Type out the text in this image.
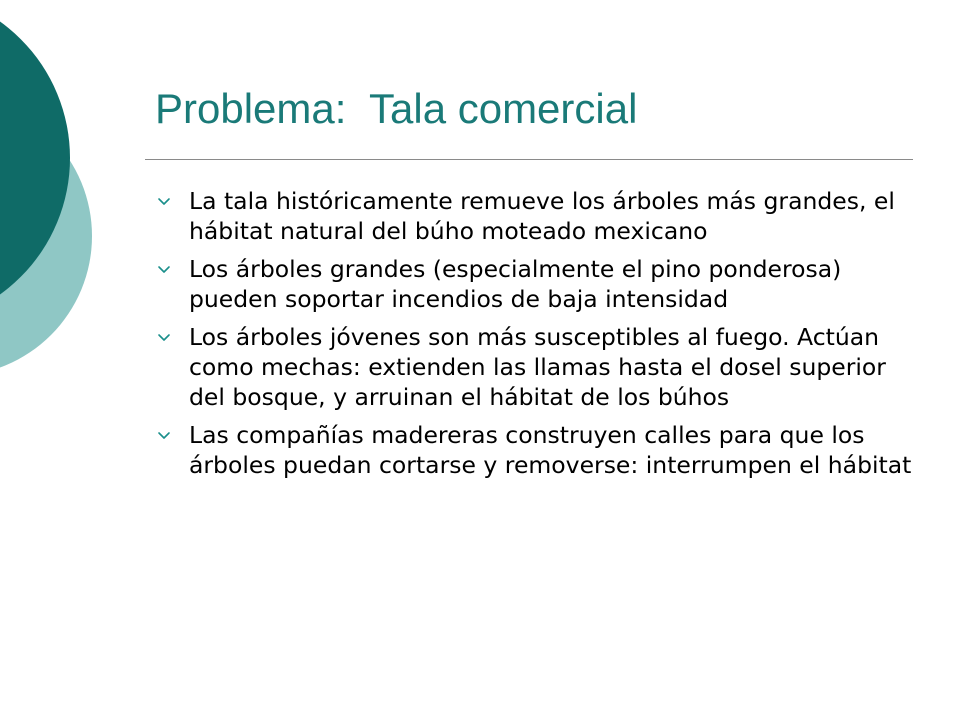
Problema:  Tala comercial
La tala históricamente remueve los árboles más grandes, el hábitat natural del búho moteado mexicano
Los árboles grandes (especialmente el pino ponderosa) pueden soportar incendios de baja intensidad
Los árboles jóvenes son más susceptibles al fuego. Actúan como mechas: extienden las llamas hasta el dosel superior del bosque, y arruinan el hábitat de los búhos
Las compañías madereras construyen calles para que los árboles puedan cortarse y removerse: interrumpen el hábitat
